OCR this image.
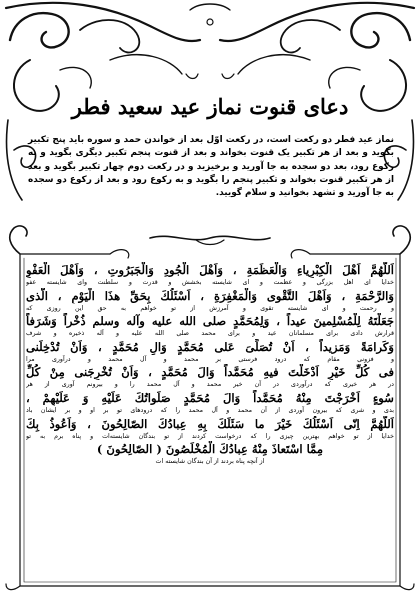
دعای قنوت نماز عید سعید فطر
نماز عید فطر دو رکعت است، در رکعت اوّل بعد از خواندن حمد و سوره باید پنج تکبیر بگوید و بعد از هر تکبیر یک قنوت بخواند و بعد از قنوت پنجم تکبیر دیگری بگوید و به رکوع رود، بعد دو سجده به جا آورید و برخیزید و در رکعت دوم چهار تکبیر بگوید و بعد از هر تکبیر قنوت بخواند و تکبیر پنجم را بگوید و به رکوع رود و بعد از رکوع دو سجده به جا آورید و تشهد بخوانید و سلام گویید.
اَللّهُمَّ اَهْلَ الْكِبْرِياءِ وَالْعَظَمَةِ ، وَاَهْلَ الْجُودِ وَالْجَبَرُوتِ ، وَاَهْلَ الْعَفْوِ
خدایا ای اهل بزرگی و عظمت و ای شایسته بخشش و قدرت و سلطنت وای شایسته عفو
وَالرَّحْمَةِ ، وَاَهْلَ التَّقْوى وَالْمَغْفِرَةِ ، اَسْئَلُكَ بِحَقِّ هذَا الْيَوْمِ ، الَّذى
و رحمت و ای شایسته تقوی و آمرزش از تو خواهم به حق این روزی که
جَعَلْتَهُ لِلْمُسْلِمينَ عيداً ، وَلِمُحَمَّدٍ صلى الله عليه وآله وسلم ذُخْراً وَشَرَفاً
قرارش دادی برای مسلمانان عید و برای محمد صلی الله علیه و آله ذخیره و شرف
وَكَرامَةً وَمَزيداً ، اَنْ تُصَلِّىَ عَلى مُحَمَّدٍ وَالِ مُحَمَّدٍ ، وَاَنْ تُدْخِلَنى
و فزونی مقام که درود فرستی بر محمد و آل محمد و درآوری مرا
فى كُلِّ خَيْرٍ اَدْخَلْتَ فيهِ مُحَمَّداً وَالَ مُحَمَّدٍ ، وَاَنْ تُخْرِجَنى مِنْ كُلِّ
در هر خیری که درآوردی در آن خیر محمد و آل محمد را و بیرونم آوری از هر
سُوءٍ اَخْرَجْتَ مِنْهُ مُحَمَّداً وَالَ مُحَمَّدٍ صَلَواتُكَ عَلَيْهِ وَ عَلَيْهِمْ ،
بدی و شری که بیرون آوردی از آن محمد و آل محمد را که درودهای تو بر او و بر ایشان باد
اَللّهُمَّ اِنّى اَسْئَلُكَ خَيْرَ ما سَئَلَكَ بِهِ عِبادُكَ الصّالِحُونَ ، وَاَعُوذُ بِكَ
خدایا از تو خواهم بهترین چیزی را که درخواست کردند از تو بندگان شایسته‌ات و پناه برم به تو
مِمَّا اسْتَعاذَ مِنْهُ عِبادُكَ الْمُخْلَصُونَ ( الصّالِحُونَ )
از آنچه پناه بردند از آن بندگان شایسته ات
